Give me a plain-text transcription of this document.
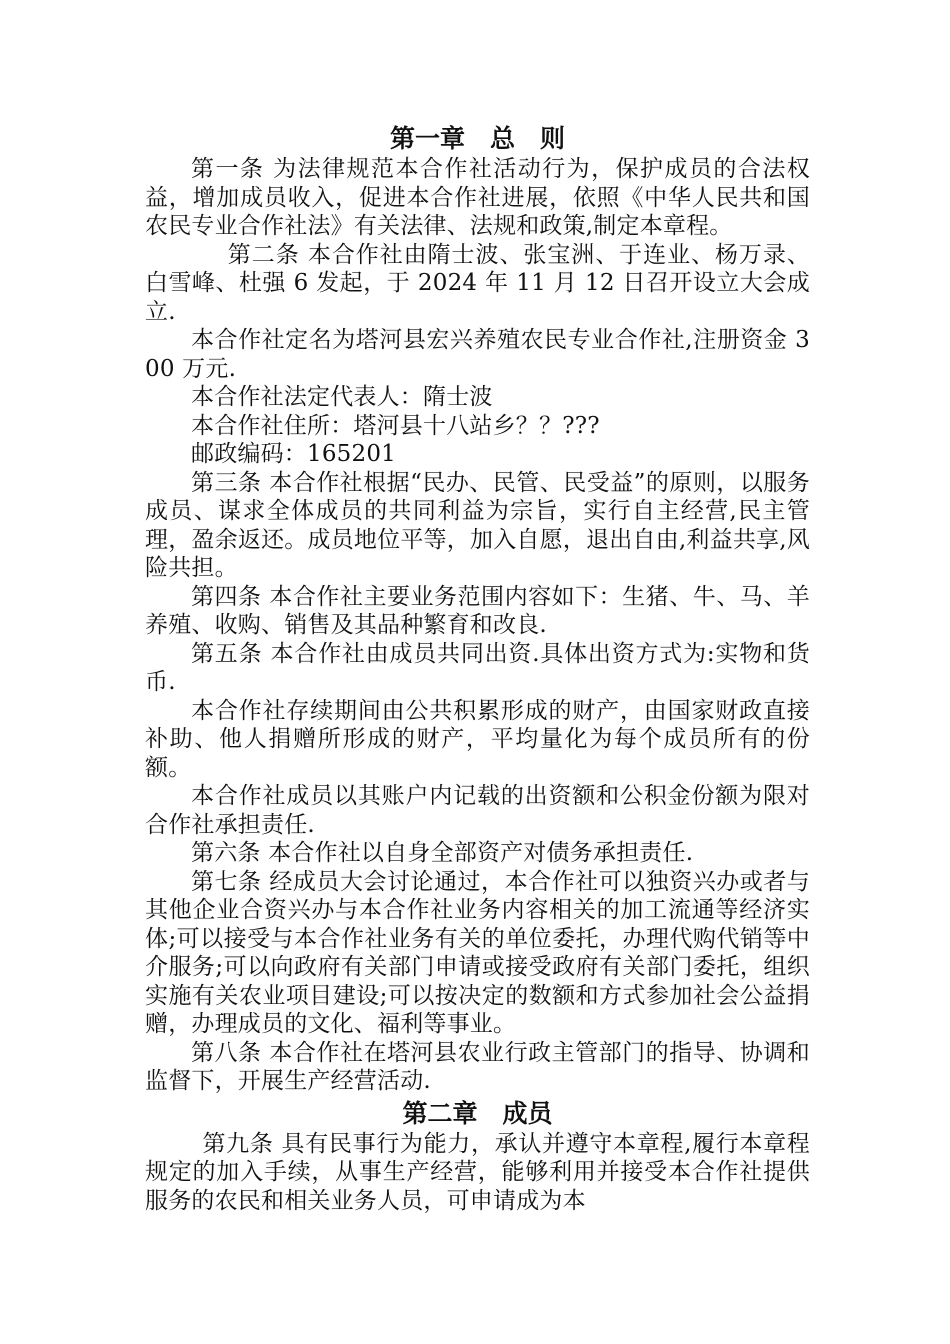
第一章　总　则

第一条 为法律规范本合作社活动行为，保护成员的合法权益，增加成员收入，促进本合作社进展，依照《中华人民共和国农民专业合作社法》有关法律、法规和政策,制定本章程。

第二条 本合作社由隋士波、张宝洲、于连业、杨万录、白雪峰、杜强 6 发起，于 2024 年 11 月 12 日召开设立大会成立.

本合作社定名为塔河县宏兴养殖农民专业合作社,注册资金 300 万元.

本合作社法定代表人：隋士波

本合作社住所：塔河县十八站乡？？???

邮政编码：165201

第三条 本合作社根据“民办、民管、民受益”的原则，以服务成员、谋求全体成员的共同利益为宗旨，实行自主经营,民主管理，盈余返还。成员地位平等，加入自愿，退出自由,利益共享,风险共担。

第四条 本合作社主要业务范围内容如下：生猪、牛、马、羊养殖、收购、销售及其品种繁育和改良.

第五条 本合作社由成员共同出资.具体出资方式为:实物和货币.

本合作社存续期间由公共积累形成的财产，由国家财政直接补助、他人捐赠所形成的财产，平均量化为每个成员所有的份额。

本合作社成员以其账户内记载的出资额和公积金份额为限对合作社承担责任.

第六条 本合作社以自身全部资产对债务承担责任.

第七条 经成员大会讨论通过，本合作社可以独资兴办或者与其他企业合资兴办与本合作社业务内容相关的加工流通等经济实体;可以接受与本合作社业务有关的单位委托，办理代购代销等中介服务;可以向政府有关部门申请或接受政府有关部门委托，组织实施有关农业项目建设;可以按决定的数额和方式参加社会公益捐赠，办理成员的文化、福利等事业。

第八条 本合作社在塔河县农业行政主管部门的指导、协调和监督下，开展生产经营活动.

第二章　成员

第九条 具有民事行为能力，承认并遵守本章程,履行本章程规定的加入手续，从事生产经营，能够利用并接受本合作社提供服务的农民和相关业务人员，可申请成为本
